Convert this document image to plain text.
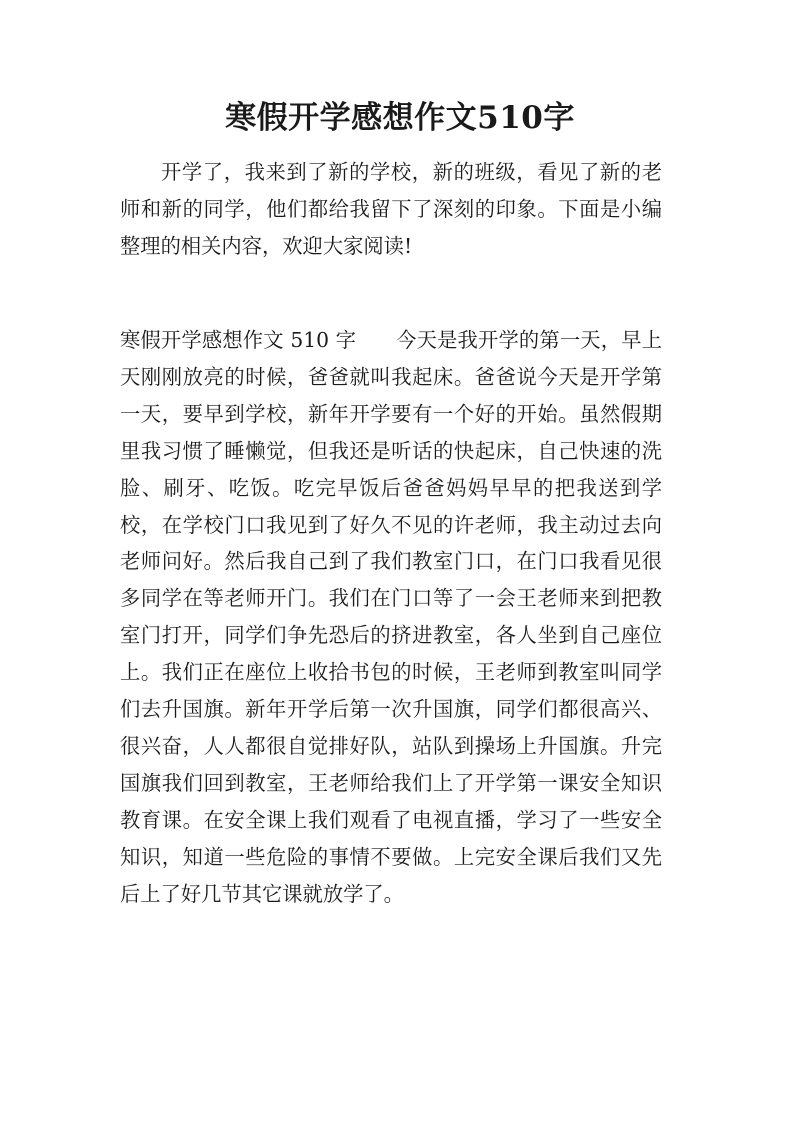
寒假开学感想作文510字

开学了，我来到了新的学校，新的班级，看见了新的老师和新的同学，他们都给我留下了深刻的印象。下面是小编整理的相关内容，欢迎大家阅读!

寒假开学感想作文 510 字 今天是我开学的第一天，早上天刚刚放亮的时候，爸爸就叫我起床。爸爸说今天是开学第一天，要早到学校，新年开学要有一个好的开始。虽然假期里我习惯了睡懒觉，但我还是听话的快起床，自己快速的洗脸、刷牙、吃饭。吃完早饭后爸爸妈妈早早的把我送到学校，在学校门口我见到了好久不见的许老师，我主动过去向老师问好。然后我自己到了我们教室门口，在门口我看见很多同学在等老师开门。我们在门口等了一会王老师来到把教室门打开，同学们争先恐后的挤进教室，各人坐到自己座位上。我们正在座位上收拾书包的时候，王老师到教室叫同学们去升国旗。新年开学后第一次升国旗，同学们都很高兴、很兴奋，人人都很自觉排好队，站队到操场上升国旗。升完国旗我们回到教室，王老师给我们上了开学第一课安全知识教育课。在安全课上我们观看了电视直播，学习了一些安全知识，知道一些危险的事情不要做。上完安全课后我们又先后上了好几节其它课就放学了。
